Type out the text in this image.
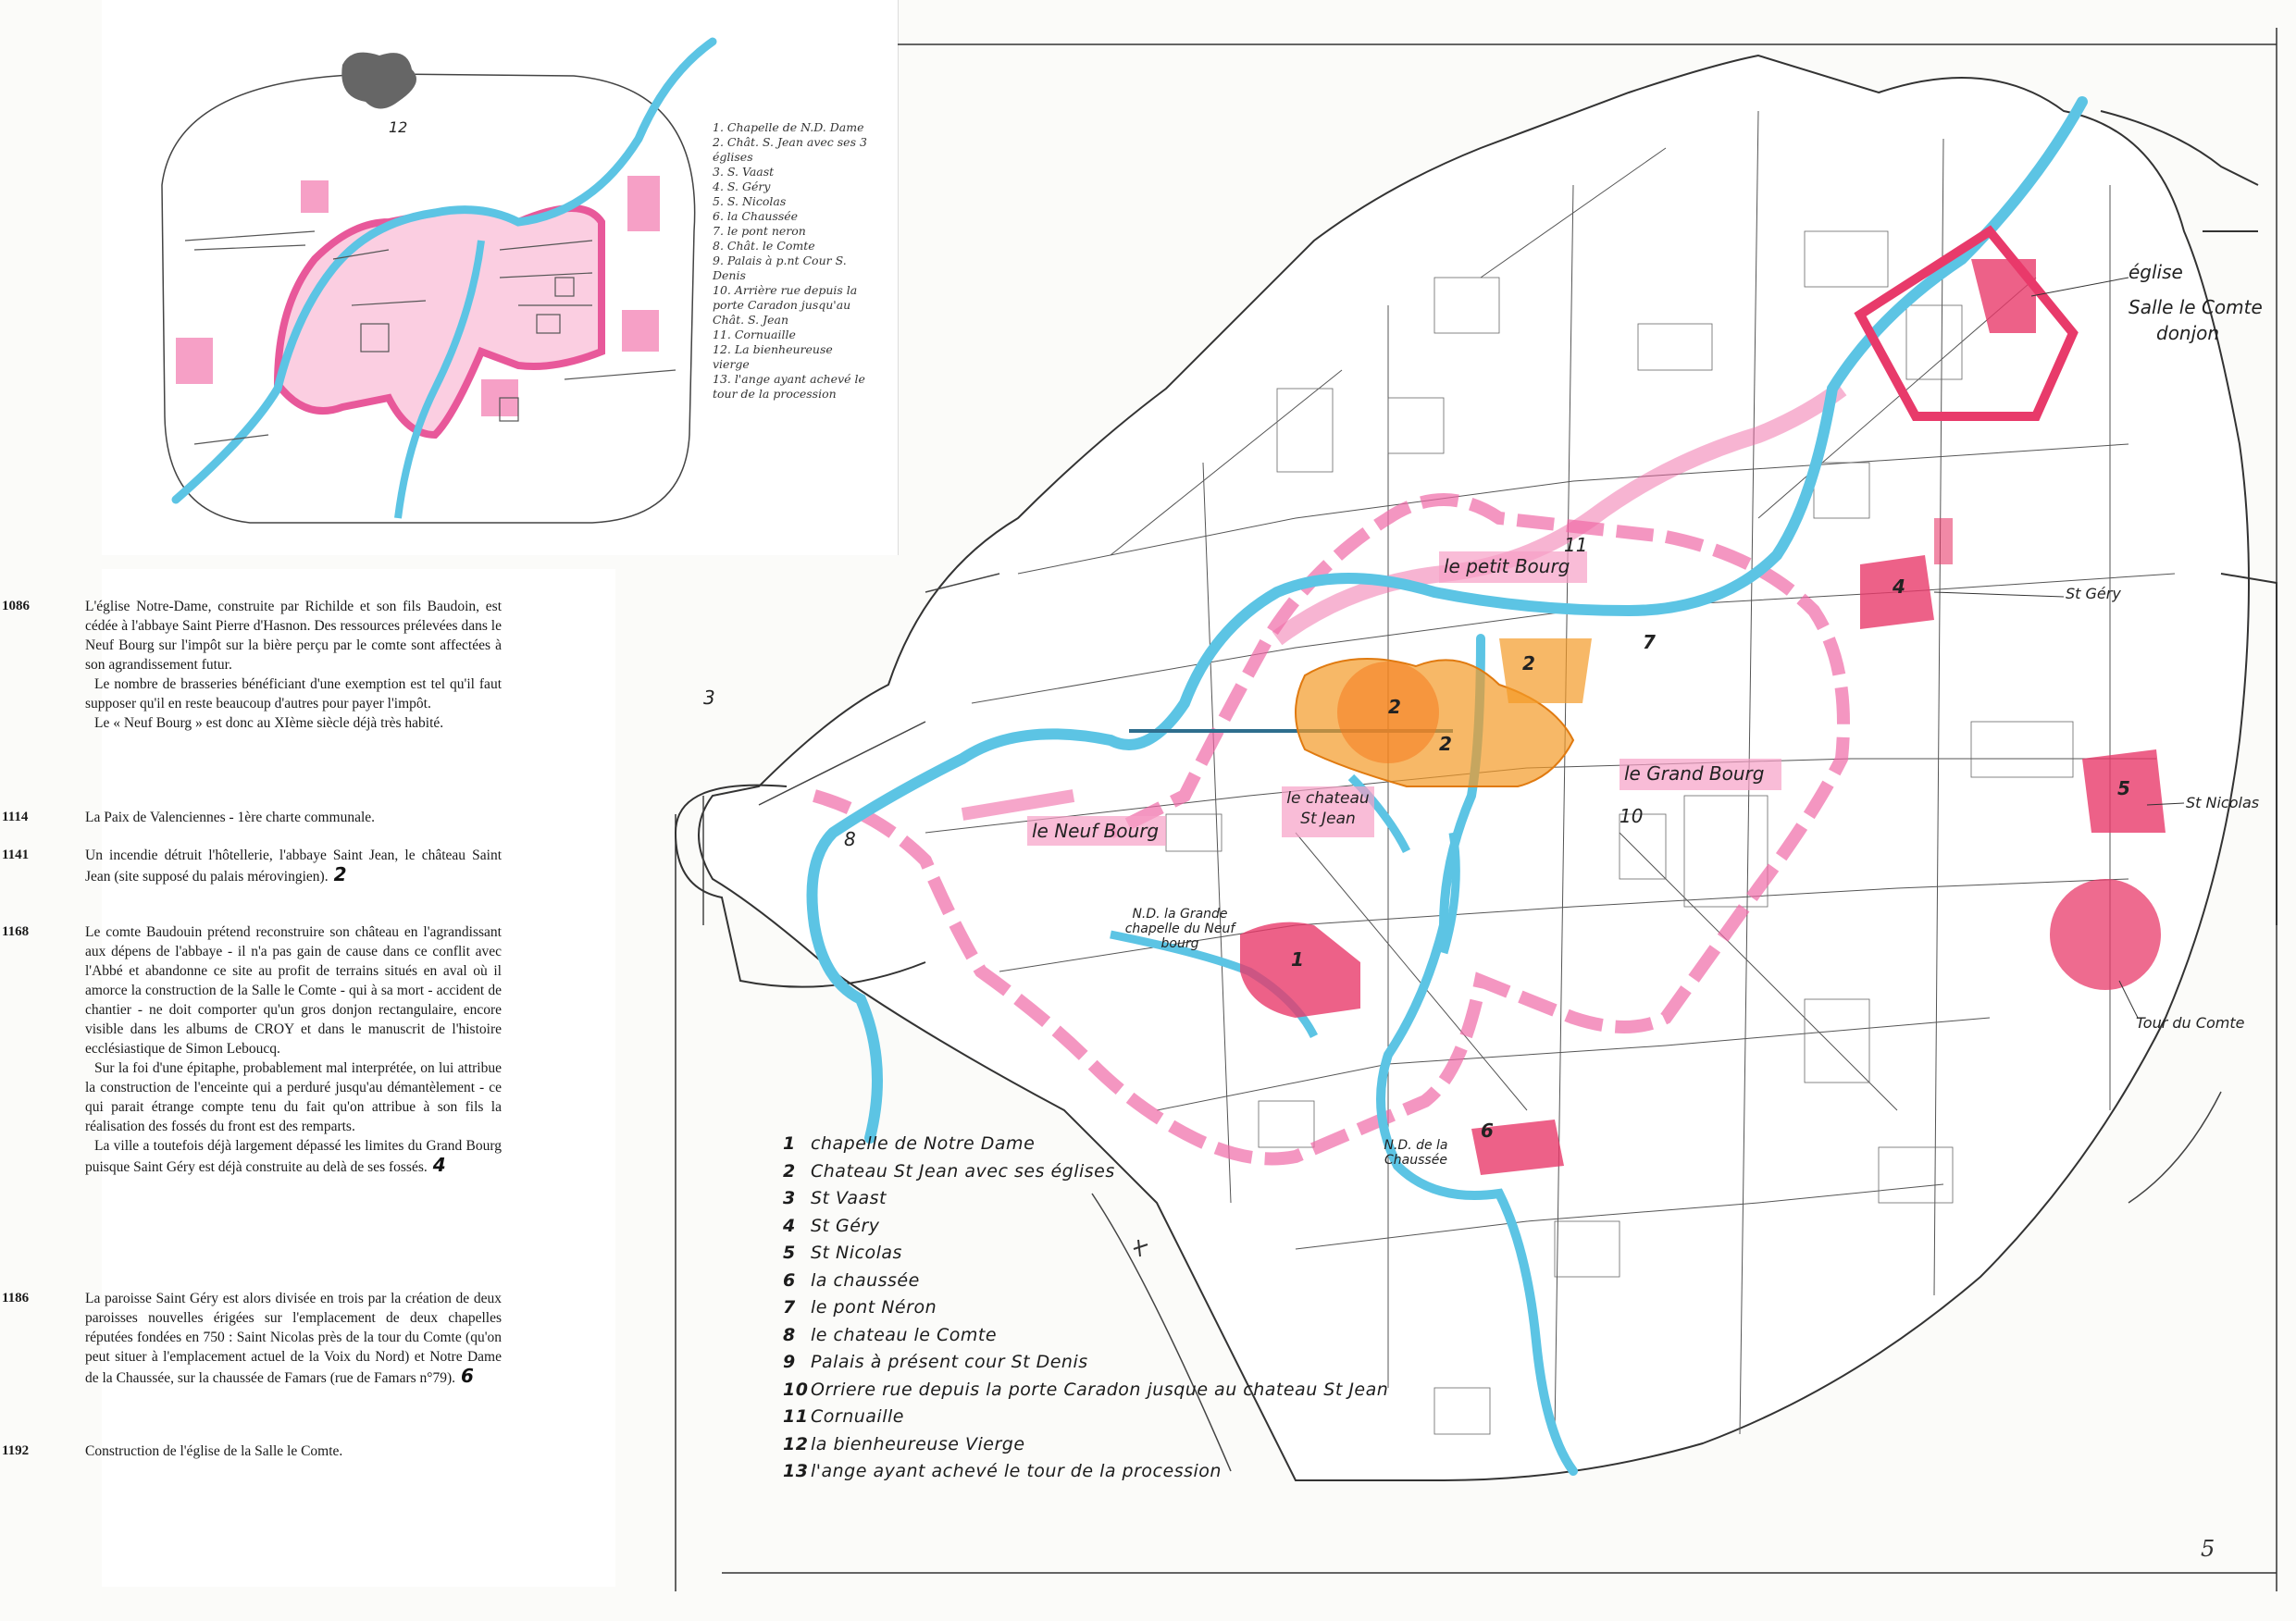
12	1. Chapelle de N.D. Dame
2. Chât. S. Jean avec ses 3 églises
3. S. Vaast
4. S. Géry
5. S. Nicolas
6. la Chaussée
7. le pont neron
8. Chât. le Comte
9. Palais à p.nt Cour S. Denis
10. Arrière rue depuis la porte Caradon jusqu'au Chât. S. Jean
11. Cornuaille
12. La bienheureuse vierge
13. l'ange ayant achevé le tour de la procession
1086	L'église Notre-Dame, construite par Richilde et son fils Baudoin, est cédée à l'abbaye Saint Pierre d'Hasnon. Des ressources prélevées dans le Neuf Bourg sur l'impôt sur la bière perçu par le comte sont affectées à son agrandissement futur.

Le nombre de brasseries bénéficiant d'une exemption est tel qu'il faut supposer qu'il en reste beaucoup d'autres pour payer l'impôt.

Le « Neuf Bourg » est donc au XIème siècle déjà très habité.

1114	La Paix de Valenciennes - 1ère charte communale.

1141	Un incendie détruit l'hôtellerie, l'abbaye Saint Jean, le château Saint Jean (site supposé du palais mérovingien). 2

1168	Le comte Baudouin prétend reconstruire son château en l'agrandissant aux dépens de l'abbaye - il n'a pas gain de cause dans ce conflit avec l'Abbé et abandonne ce site au profit de terrains situés en aval où il amorce la construction de la Salle le Comte - qui à sa mort - accident de chantier - ne doit comporter qu'un gros donjon rectangulaire, encore visible dans les albums de CROY et dans le manuscrit de l'histoire ecclésiastique de Simon Leboucq.

Sur la foi d'une épitaphe, probablement mal interprétée, on lui attribue la construction de l'enceinte qui a perduré jusqu'au démantèlement - ce qui parait étrange compte tenu du fait qu'on attribue à son fils la réalisation des fossés du front est des remparts.

La ville a toutefois déjà largement dépassé les limites du Grand Bourg puisque Saint Géry est déjà construite au delà de ses fossés. 4

1186	La paroisse Saint Géry est alors divisée en trois par la création de deux paroisses nouvelles érigées sur l'emplacement de deux chapelles réputées fondées en 750 : Saint Nicolas près de la tour du Comte (qu'on peut situer à l'emplacement actuel de la Voix du Nord) et Notre Dame de la Chaussée, sur la chaussée de Famars (rue de Famars n°79). 6

1192	Construction de l'église de la Salle le Comte.

église
Salle le Comte
donjon
St Géry
St Nicolas
Tour du Comte
le petit Bourg
le Grand Bourg
le Neuf Bourg
le chateau St Jean
N.D. la Grande chapelle du Neuf bourg
N.D. de la Chaussée
2
2
2
1
3
4
5
6
7
8
10
11
1 chapelle de Notre Dame
2 Chateau St Jean avec ses églises
3 St Vaast
4 St Géry
5 St Nicolas
6 la chaussée
7 le pont Néron
8 le chateau le Comte
9 Palais à présent cour St Denis
10 Orriere rue depuis la porte Caradon jusque au chateau St Jean
11 Cornuaille
12 la bienheureuse Vierge
13 l'ange ayant achevé le tour de la procession
5
